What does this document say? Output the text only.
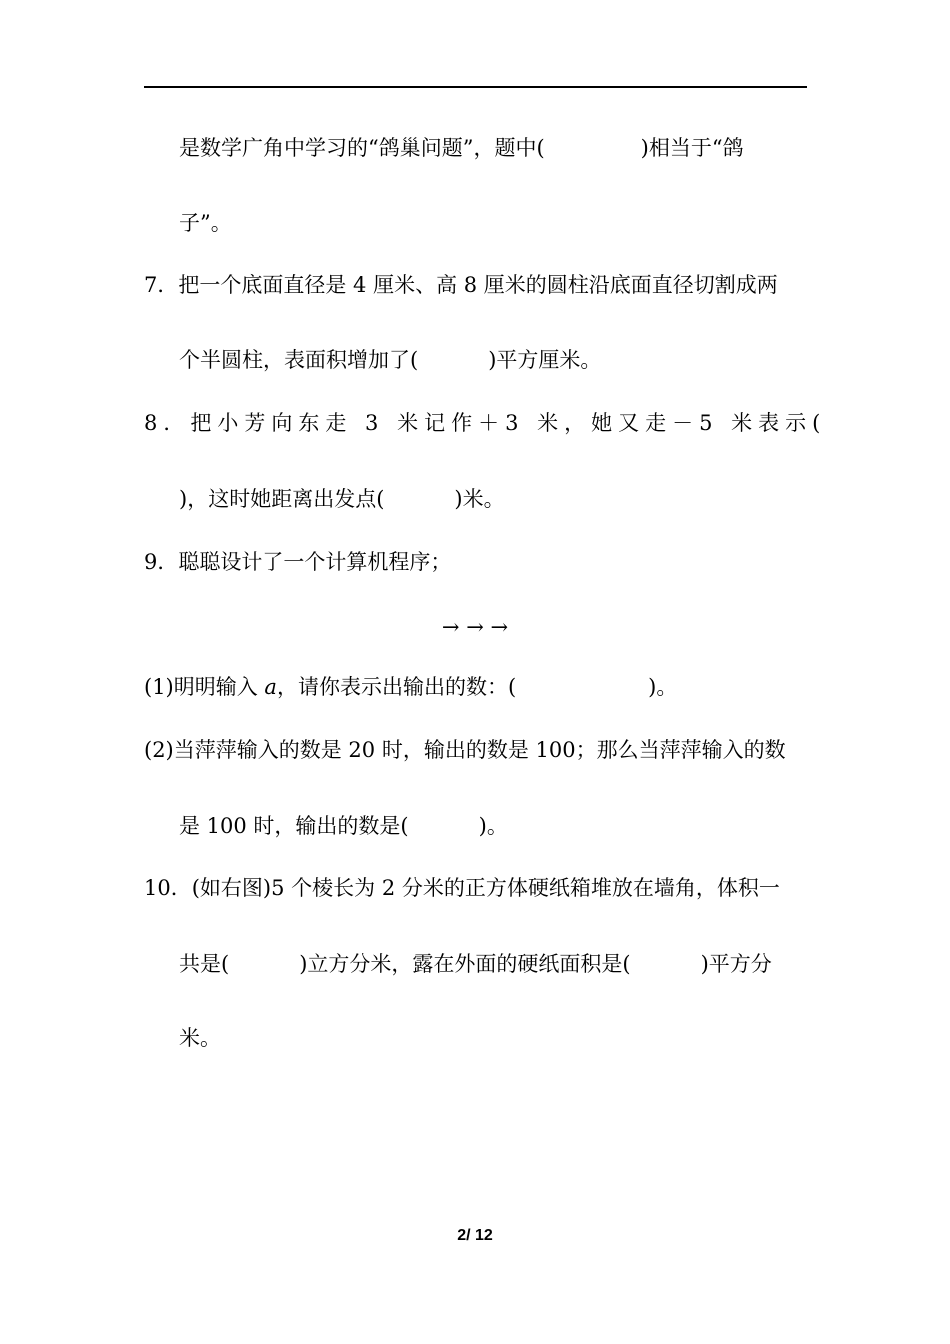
是数学广角中学习的“鸽巢问题”，题中(	)相当于“鸽
子”。
7．把一个底面直径是 4 厘米、高 8 厘米的圆柱沿底面直径切割成两
个半圆柱，表面积增加了(	)平方厘米。
8．把小芳向东走 3 米记作＋3 米，她又走－5 米表示(
)，这时她距离出发点(	)米。
9．聪聪设计了一个计算机程序；
→ → →
(1)明明输入 a，请你表示出输出的数：(	)。
(2)当萍萍输入的数是 20 时，输出的数是 100；那么当萍萍输入的数
是 100 时，输出的数是(	)。
10．(如右图)5 个棱长为 2 分米的正方体硬纸箱堆放在墙角，体积一
共是(	)立方分米，露在外面的硬纸面积是(	)平方分
米。
2/ 12
